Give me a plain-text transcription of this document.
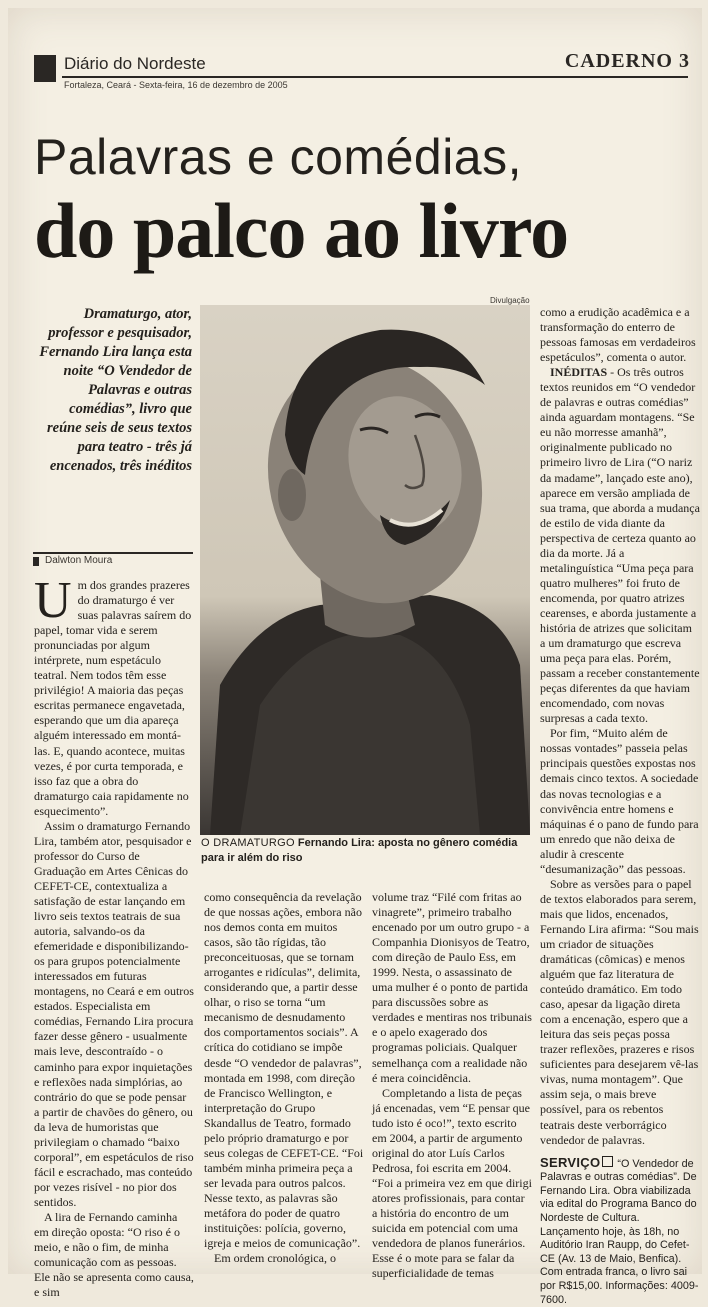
Diário do Nordeste	CADERNO 3
Fortaleza, Ceará - Sexta-feira, 16 de dezembro de 2005
Palavras e comédias,
do palco ao livro
Divulgação
Dramaturgo, ator, professor e pesquisador, Fernando Lira lança esta noite “O Vendedor de Palavras e outras comédias”, livro que reúne seis de seus textos para teatro - três já encenados, três inéditos
Dalwton Moura
O DRAMATURGO Fernando Lira: aposta no gênero comédia para ir além do riso

Um dos grandes prazeres do dramaturgo é ver suas palavras saírem do papel, tomar vida e serem pronunciadas por algum intérprete, num espetáculo teatral. Nem todos têm esse privilégio! A maioria das peças escritas permanece engavetada, esperando que um dia apareça alguém interessado em montá-las. E, quando acontece, muitas vezes, é por curta temporada, e isso faz que a obra do dramaturgo caia rapidamente no esquecimento”.

Assim o dramaturgo Fernando Lira, também ator, pesquisador e professor do Curso de Graduação em Artes Cênicas do CEFET-CE, contextualiza a satisfação de estar lançando em livro seis textos teatrais de sua autoria, salvando-os da efemeridade e disponibilizando-os para grupos potencialmente interessados em futuras montagens, no Ceará e em outros estados. Especialista em comédias, Fernando Lira procura fazer desse gênero - usualmente mais leve, descontraído - o caminho para expor inquietações e reflexões nada simplórias, ao contrário do que se pode pensar a partir de chavões do gênero, ou da leva de humoristas que privilegiam o chamado “baixo corporal”, em espetáculos de riso fácil e escrachado, mas conteúdo por vezes risível - no pior dos sentidos.

A lira de Fernando caminha em direção oposta: “O riso é o meio, e não o fim, de minha comunicação com as pessoas. Ele não se apresenta como causa, e sim

como consequência da revelação de que nossas ações, embora não nos demos conta em muitos casos, são tão rígidas, tão preconceituosas, que se tornam arrogantes e ridículas”, delimita, considerando que, a partir desse olhar, o riso se torna “um mecanismo de desnudamento dos comportamentos sociais”. A crítica do cotidiano se impõe desde “O vendedor de palavras”, montada em 1998, com direção de Francisco Wellington, e interpretação do Grupo Skandallus de Teatro, formado pelo próprio dramaturgo e por seus colegas de CEFET-CE. “Foi também minha primeira peça a ser levada para outros palcos. Nesse texto, as palavras são metáfora do poder de quatro instituições: polícia, governo, igreja e meios de comunicação”.

Em ordem cronológica, o

volume traz “Filé com fritas ao vinagrete”, primeiro trabalho encenado por um outro grupo - a Companhia Dionisyos de Teatro, com direção de Paulo Ess, em 1999. Nesta, o assassinato de uma mulher é o ponto de partida para discussões sobre as verdades e mentiras nos tribunais e o apelo exagerado dos programas policiais. Qualquer semelhança com a realidade não é mera coincidência.

Completando a lista de peças já encenadas, vem “E pensar que tudo isto é oco!”, texto escrito em 2004, a partir de argumento original do ator Luís Carlos Pedrosa, foi escrita em 2004. “Foi a primeira vez em que dirigi atores profissionais, para contar a história do encontro de um suicida em potencial com uma vendedora de planos funerários. Esse é o mote para se falar da superficialidade de temas

como a erudição acadêmica e a transformação do enterro de pessoas famosas em verdadeiros espetáculos”, comenta o autor.

INÉDITAS - Os três outros textos reunidos em “O vendedor de palavras e outras comédias” ainda aguardam montagens. “Se eu não morresse amanhã”, originalmente publicado no primeiro livro de Lira (“O nariz da madame”, lançado este ano), aparece em versão ampliada de sua trama, que aborda a mudança de estilo de vida diante da perspectiva de certeza quanto ao dia da morte. Já a metalinguística “Uma peça para quatro mulheres” foi fruto de encomenda, por quatro atrizes cearenses, e aborda justamente a história de atrizes que solicitam a um dramaturgo que escreva uma peça para elas. Porém, passam a receber constantemente peças diferentes da que haviam encomendado, com novas surpresas a cada texto.

Por fim, “Muito além de nossas vontades” passeia pelas principais questões expostas nos demais cinco textos. A sociedade das novas tecnologias e a convivência entre homens e máquinas é o pano de fundo para um enredo que não deixa de aludir à crescente “desumanização” das pessoas.

Sobre as versões para o papel de textos elaborados para serem, mais que lidos, encenados, Fernando Lira afirma: “Sou mais um criador de situações dramáticas (cômicas) e menos alguém que faz literatura de conteúdo dramático. Em todo caso, apesar da ligação direta com a encenação, espero que a leitura das seis peças possa trazer reflexões, prazeres e risos suficientes para desejarem vê-las vivas, numa montagem”. Que assim seja, o mais breve possível, para os rebentos teatrais deste verborrágico vendedor de palavras.

SERVIÇO “O Vendedor de Palavras e outras comédias”. De Fernando Lira. Obra viabilizada via edital do Programa Banco do Nordeste de Cultura. Lançamento hoje, às 18h, no Auditório Iran Raupp, do Cefet-CE (Av. 13 de Maio, Benfica). Com entrada franca, o livro sai por R$15,00. Informações: 4009-7600.
